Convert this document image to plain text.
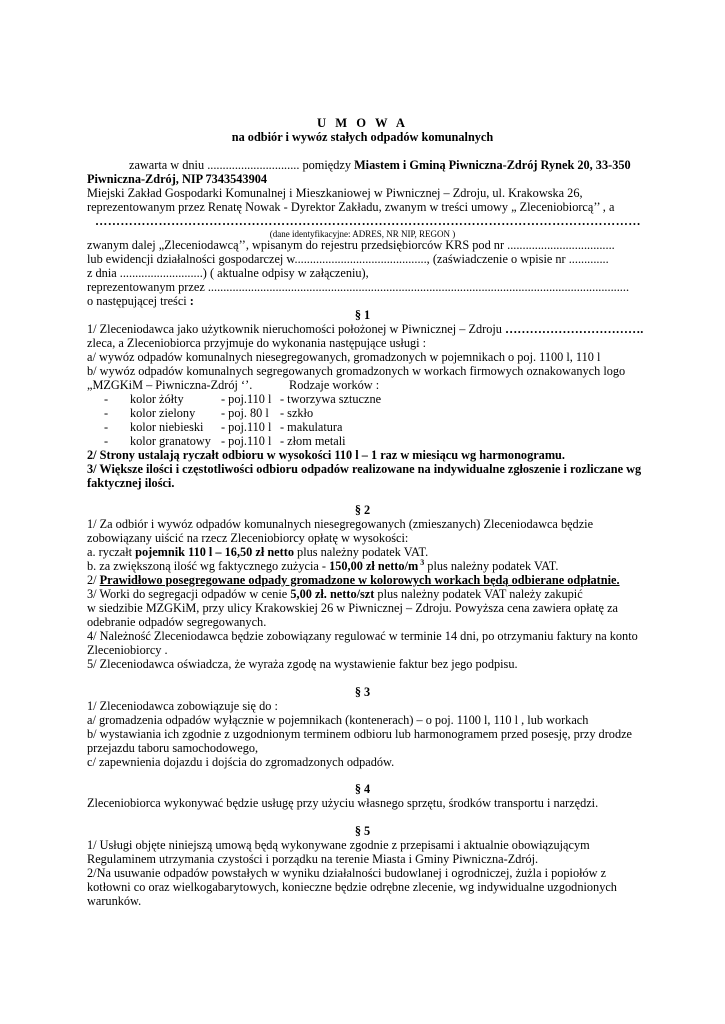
U M O W A
na odbiór i wywóz stałych odpadów komunalnych
zawarta w dniu .............................. pomiędzy Miastem i Gminą Piwniczna-Zdrój Rynek 20, 33-350
Piwniczna-Zdrój, NIP 7343543904
Miejski Zakład Gospodarki Komunalnej i Mieszkaniowej w Piwnicznej – Zdroju, ul. Krakowska 26,
reprezentowanym przez Renatę Nowak - Dyrektor Zakładu, zwanym w treści umowy „ Zleceniobiorcą’’ , a
…………………………………………………………………………………………………………………
(dane identyfikacyjne: ADRES, NR NIP, REGON )
zwanym dalej „Zleceniodawcą’’, wpisanym do rejestru przedsiębiorców KRS pod nr ...................................
lub ewidencji działalności gospodarczej w..........................................., (zaświadczenie o wpisie nr .............
z dnia ...........................) ( aktualne odpisy w załączeniu),
reprezentowanym przez .........................................................................................................................................
o następującej treści :
§ 1
1/ Zleceniodawca jako użytkownik nieruchomości położonej w Piwnicznej – Zdroju …………………………….
zleca, a Zleceniobiorca przyjmuje do wykonania następujące usługi :
a/ wywóz odpadów komunalnych niesegregowanych, gromadzonych w pojemnikach o poj. 1100 l, 110 l
b/ wywóz odpadów komunalnych segregowanych gromadzonych w workach firmowych oznakowanych logo
„MZGKiM – Piwniczna-Zdrój ‘’.	Rodzaje worków :
- kolor żółty	- poj.110 l - tworzywa sztuczne
- kolor zielony - poj. 80 l - szkło
- kolor niebieski - poj.110 l - makulatura
- kolor granatowy - poj.110 l - złom metali
2/ Strony ustalają ryczałt odbioru w wysokości 110 l – 1 raz w miesiącu wg harmonogramu.
3/ Większe ilości i częstotliwości odbioru odpadów realizowane na indywidualne zgłoszenie i rozliczane wg
faktycznej ilości.
§ 2
1/ Za odbiór i wywóz odpadów komunalnych niesegregowanych (zmieszanych) Zleceniodawca będzie
zobowiązany uiścić na rzecz Zleceniobiorcy opłatę w wysokości:
a. ryczałt pojemnik 110 l – 16,50 zł netto plus należny podatek VAT.
b. za zwiększoną ilość wg faktycznego zużycia - 150,00 zł netto/m $^3$ plus należny podatek VAT.
2/ Prawidłowo posegregowane odpady gromadzone w kolorowych workach będą odbierane odpłatnie.
3/ Worki do segregacji odpadów w cenie 5,00 zł. netto/szt plus należny podatek VAT należy zakupić
w siedzibie MZGKiM, przy ulicy Krakowskiej 26 w Piwnicznej – Zdroju. Powyższa cena zawiera opłatę za
odebranie odpadów segregowanych.
4/ Należność Zleceniodawca będzie zobowiązany regulować w terminie 14 dni, po otrzymaniu faktury na konto
Zleceniobiorcy .
5/ Zleceniodawca oświadcza, że wyraża zgodę na wystawienie faktur bez jego podpisu.
§ 3
1/ Zleceniodawca zobowiązuje się do :
a/ gromadzenia odpadów wyłącznie w pojemnikach (kontenerach) – o poj. 1100 l, 110 l , lub workach
b/ wystawiania ich zgodnie z uzgodnionym terminem odbioru lub harmonogramem przed posesję, przy drodze
przejazdu taboru samochodowego,
c/ zapewnienia dojazdu i dojścia do zgromadzonych odpadów.
§ 4
Zleceniobiorca wykonywać będzie usługę przy użyciu własnego sprzętu, środków transportu i narzędzi.
§ 5
1/ Usługi objęte niniejszą umową będą wykonywane zgodnie z przepisami i aktualnie obowiązującym
Regulaminem utrzymania czystości i porządku na terenie Miasta i Gminy Piwniczna-Zdrój.
2/Na usuwanie odpadów powstałych w wyniku działalności budowlanej i ogrodniczej, żużla i popiołów z
kotłowni co oraz wielkogabarytowych, konieczne będzie odrębne zlecenie, wg indywidualne uzgodnionych
warunków.
